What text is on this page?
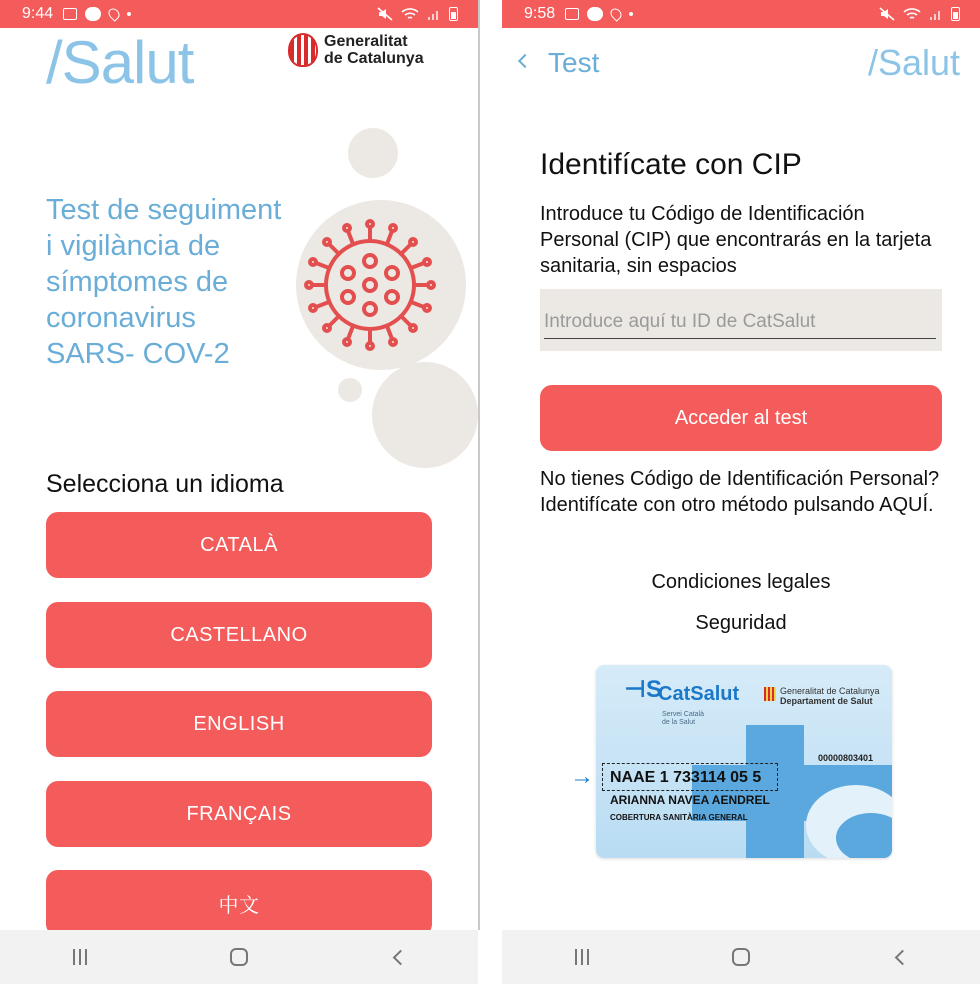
9:44
/Salut	Generalitat
de Catalunya
Test de seguiment i vigilància de símptomes de coronavirus SARS- COV-2
Selecciona un idioma
CATALÀ
CASTELLANO
ENGLISH
FRANÇAIS
中文
9:58
Test	/Salut
Identifícate con CIP
Introduce tu Código de Identificación Personal (CIP) que encontrarás en la tarjeta sanitaria, sin espacios
Introduce aquí tu ID de CatSalut
Acceder al test
No tienes Código de Identificación Personal? Identifícate con otro método pulsando AQUÍ.
Condiciones legales
Seguridad
⊣S
CatSalut	Generalitat de Catalunya
Departament de Salut
Servei Català
de la Salut
00000803401
NAAE 1 733114 05 5
ARIANNA NAVEA AENDREL
COBERTURA SANITÀRIA GENERAL
→
